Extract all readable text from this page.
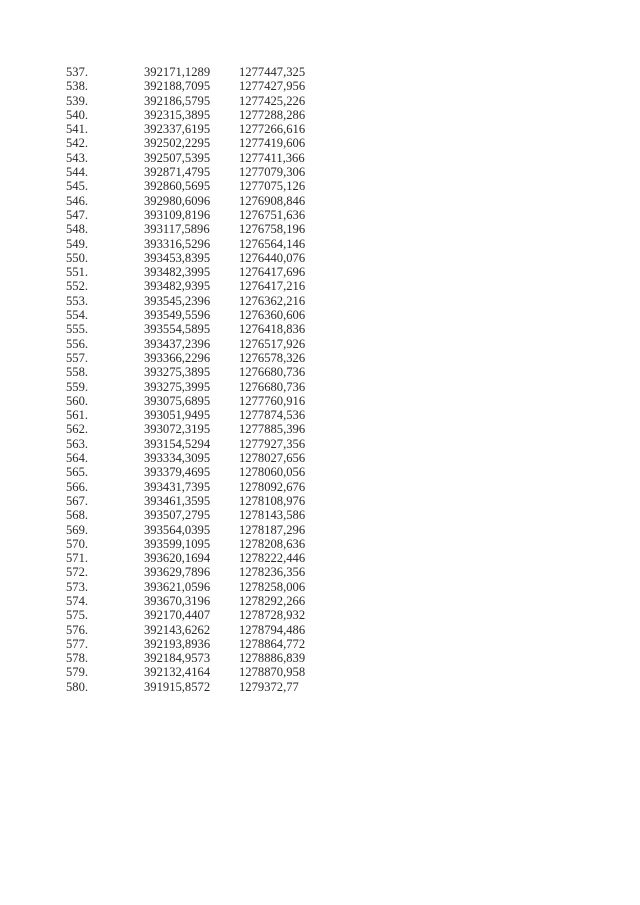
537.	392171,1289	1277447,325
538.	392188,7095	1277427,956
539.	392186,5795	1277425,226
540.	392315,3895	1277288,286
541.	392337,6195	1277266,616
542.	392502,2295	1277419,606
543.	392507,5395	1277411,366
544.	392871,4795	1277079,306
545.	392860,5695	1277075,126
546.	392980,6096	1276908,846
547.	393109,8196	1276751,636
548.	393117,5896	1276758,196
549.	393316,5296	1276564,146
550.	393453,8395	1276440,076
551.	393482,3995	1276417,696
552.	393482,9395	1276417,216
553.	393545,2396	1276362,216
554.	393549,5596	1276360,606
555.	393554,5895	1276418,836
556.	393437,2396	1276517,926
557.	393366,2296	1276578,326
558.	393275,3895	1276680,736
559.	393275,3995	1276680,736
560.	393075,6895	1277760,916
561.	393051,9495	1277874,536
562.	393072,3195	1277885,396
563.	393154,5294	1277927,356
564.	393334,3095	1278027,656
565.	393379,4695	1278060,056
566.	393431,7395	1278092,676
567.	393461,3595	1278108,976
568.	393507,2795	1278143,586
569.	393564,0395	1278187,296
570.	393599,1095	1278208,636
571.	393620,1694	1278222,446
572.	393629,7896	1278236,356
573.	393621,0596	1278258,006
574.	393670,3196	1278292,266
575.	392170,4407	1278728,932
576.	392143,6262	1278794,486
577.	392193,8936	1278864,772
578.	392184,9573	1278886,839
579.	392132,4164	1278870,958
580.	391915,8572	1279372,77
